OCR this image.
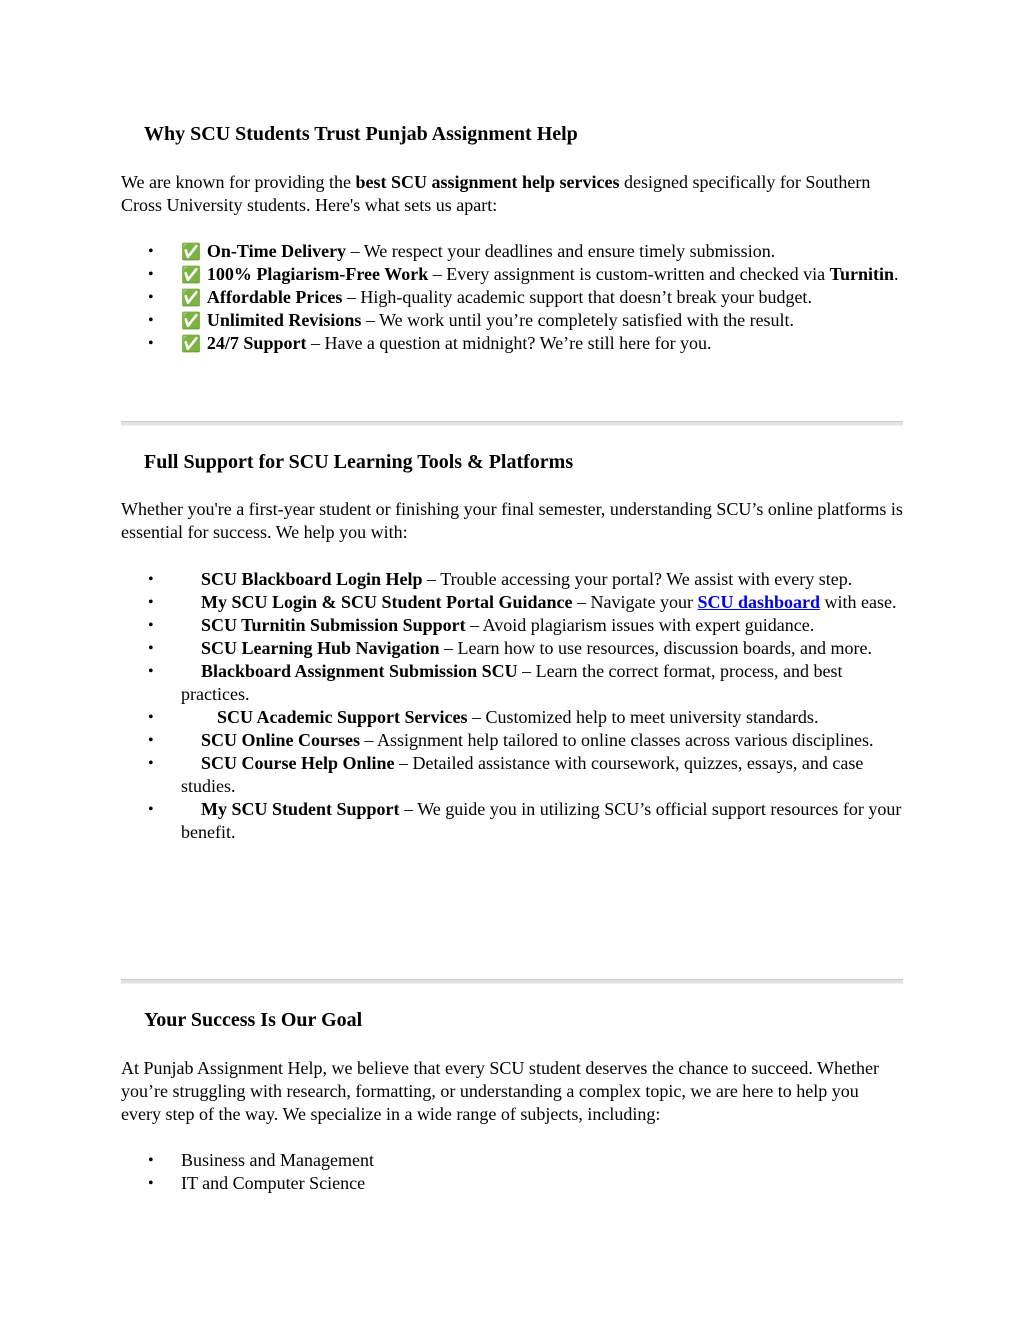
Why SCU Students Trust Punjab Assignment Help

We are known for providing the best SCU assignment help services designed specifically for Southern Cross University students. Here's what sets us apart:

• ✅ On-Time Delivery – We respect your deadlines and ensure timely submission.
• ✅ 100% Plagiarism-Free Work – Every assignment is custom-written and checked via Turnitin.
• ✅ Affordable Prices – High-quality academic support that doesn’t break your budget.
• ✅ Unlimited Revisions – We work until you’re completely satisfied with the result.
• ✅ 24/7 Support – Have a question at midnight? We’re still here for you.
Full Support for SCU Learning Tools & Platforms

Whether you're a first-year student or finishing your final semester, understanding SCU’s online platforms is essential for success. We help you with:

• SCU Blackboard Login Help – Trouble accessing your portal? We assist with every step.
• My SCU Login & SCU Student Portal Guidance – Navigate your SCU dashboard with ease.
• SCU Turnitin Submission Support – Avoid plagiarism issues with expert guidance.
• SCU Learning Hub Navigation – Learn how to use resources, discussion boards, and more.
• Blackboard Assignment Submission SCU – Learn the correct format, process, and best practices.
• SCU Academic Support Services – Customized help to meet university standards.
• SCU Online Courses – Assignment help tailored to online classes across various disciplines.
• SCU Course Help Online – Detailed assistance with coursework, quizzes, essays, and case studies.
• My SCU Student Support – We guide you in utilizing SCU’s official support resources for your benefit.
Your Success Is Our Goal

At Punjab Assignment Help, we believe that every SCU student deserves the chance to succeed. Whether you’re struggling with research, formatting, or understanding a complex topic, we are here to help you every step of the way. We specialize in a wide range of subjects, including:

• Business and Management
• IT and Computer Science
